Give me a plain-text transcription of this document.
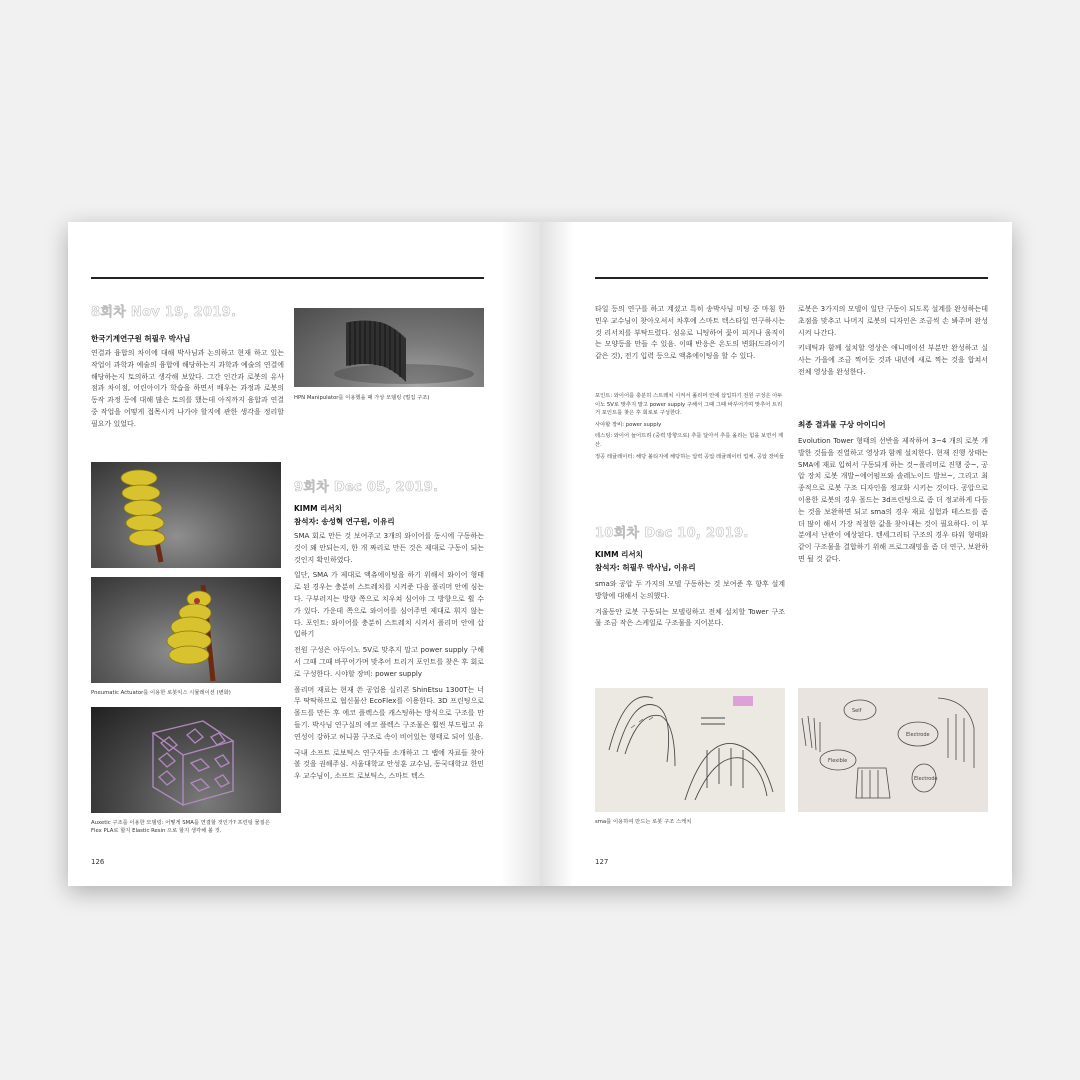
8회차 Nov 19, 2019.
한국기계연구원 허필우 박사님

연결과 융합의 차이에 대해 박사님과 논의하고 현재 하고 있는 작업이 과학과 예술의 융합에 해당하는지 과학과 예술의 연결에 해당하는지 토의하고 생각해 보았다. 그간 인간과 로봇의 유사점과 차이점, 어린아이가 학습을 하면서 배우는 과정과 로봇의 동작 과정 등에 대해 많은 토의를 했는데 아직까지 융합과 연결 중 작업을 어떻게 접목시켜 나가야 할지에 관한 생각을 정리할 필요가 있었다.

HPN Manipulator를 이용했을 때 가상 모델링 (벌집 구조)
Pneumatic Actuator를 이용한 로봇익스 시뮬레이션 (변화)
Auxetic 구조를 이용한 모델링: 어떻게 SMA를 연결할 것인가? 프린팅 물질은 Flex PLA로 할지 Elastic Resin 으로 할지 생각해 볼 것.
9회차 Dec 05, 2019.
KIMM 리서치
참석자: 송성혁 연구원, 이유리

SMA 회로 만든 것 보여주고 3개의 와이어를 동시에 구동하는 것이 왜 안되는지, 한 개 짜리로 만든 것은 제대로 구동이 되는 것인지 확인하였다.

일단, SMA 가 제대로 액츄에이팅을 하기 위해서 와이어 형태로 된 경우는 충분히 스트레치를 시켜준 다음 폴리머 안에 심는다. 구부러지는 방향 쪽으로 치우쳐 심어야 그 방향으로 휠 수 가 있다. 가운데 쪽으로 와이어를 심어주면 제대로 휘지 않는다. 포인트: 와이어를 충분히 스트레치 시켜서 폴리머 안에 삽입하기

전원 구성은 아두이노 5V로 맞추지 말고 power supply 구해서 그때 그때 바꾸어가며 맞추어 트리거 포인트를 찾은 후 회로로 구성한다. 시야할 장비: power supply

폴리머 재료는 현재 쓴 공업용 실리콘 ShinEtsu 1300T는 너무 딱딱하므로 협신물산 EcoFlex를 이용한다. 3D 프린팅으로 몰드를 만든 후 에코 플렉스를 캐스팅하는 방식으로 구조를 만들기. 박사님 연구실의 에코 플렉스 구조물은 훨씬 부드럽고 유연성이 강하고 허니콤 구조로 속이 비어있는 형태로 되어 있음.

국내 소프트 로보틱스 연구자들 소개하고 그 랩에 자료들 찾아볼 것을 권해주심. 서울대학교 안성훈 교수님, 동국대학교 한민우 교수님이, 소프트 로보틱스, 스마트 텍스

126

타일 등의 연구를 하고 계셨고 특히 송박사님 미팅 중 마침 한민우 교수님이 찾아오셔서 차후에 스마트 텍스타일 연구하시는 것 리서치를 부탁드렸다. 섬유로 니팅하여 꽃이 피거나 움직이는 모양등을 만들 수 있음. 이때 반응은 온도의 변화(드라이기 같은 것), 전기 입력 등으로 액츄에이팅을 할 수 있다.

포인트: 와이어를 충분히 스트레치 시켜서 폴리머 안에 삽입하기 전원 구성은 아두이노 5V로 맞추지 말고 power supply 구해서 그때 그때 바꾸어가며 맞추어 트리거 포인트를 찾은 후 회로로 구성한다.

사야할 장비: power supply

테스팅: 와이어 늘어뜨려 (중력 방향으로) 추를 달아서 추를 올리는 힘을 보면서 계산.

정공 레귤레이터: 해당 볼티지에 해당하는 압력 공압 레귤레이터 업체, 공압 장비들

10회차 Dec 10, 2019.
KIMM 리서치
참석자: 허필우 박사님, 이유리

sma와 공압 두 가지의 모델 구동하는 것 보여준 후 향후 설계 방향에 대해서 논의했다.

겨울동안 로봇 구동되는 모델링하고 전체 설치할 Tower 구조물 조금 작은 스케일로 구조물을 지어본다.

로봇은 3가지의 모델이 일단 구동이 되도록 설계를 완성하는데 초점을 맞추고 나머지 로봇의 디자인은 조금씩 손 봐주며 완성시켜 나간다.

키네틱과 함께 설치할 영상은 애니메이션 부분만 완성하고 실사는 가을에 조금 찍어둔 것과 내년에 새로 찍는 것을 합쳐서 전체 영상을 완성한다.

최종 결과물 구상 아이디어

Evolution Tower 형태의 선반을 제작하여 3~4 개의 로봇 개발한 것들을 진열하고 영상과 함께 설치한다. 현재 진행 상태는 SMA에 재료 입혀서 구동되게 하는 것~폴리머로 진행 중~, 공압 장치 로봇 개발~에어펌프와 솔레노이드 발브~, 그리고 최종적으로 로봇 구조 디자인을 정교화 시키는 것이다. 공압으로 이용한 로봇의 경우 몰드는 3d프린팅으로 좀 더 정교하게 다듬는 것을 보완하면 되고 sma의 경우 재료 실험과 테스트를 좀 더 많이 해서 가장 적절한 값을 찾아내는 것이 필요하다. 이 부분에서 난관이 예상된다. 텐세그리티 구조의 경우 타워 형태와 같이 구조물을 결합하기 위해 프로그래밍을 좀 더 연구, 보완하면 될 것 같다.

Self
Electrode
Flexible
Electrode
sma를 이용하여 만드는 로봇 구조 스케치
127
